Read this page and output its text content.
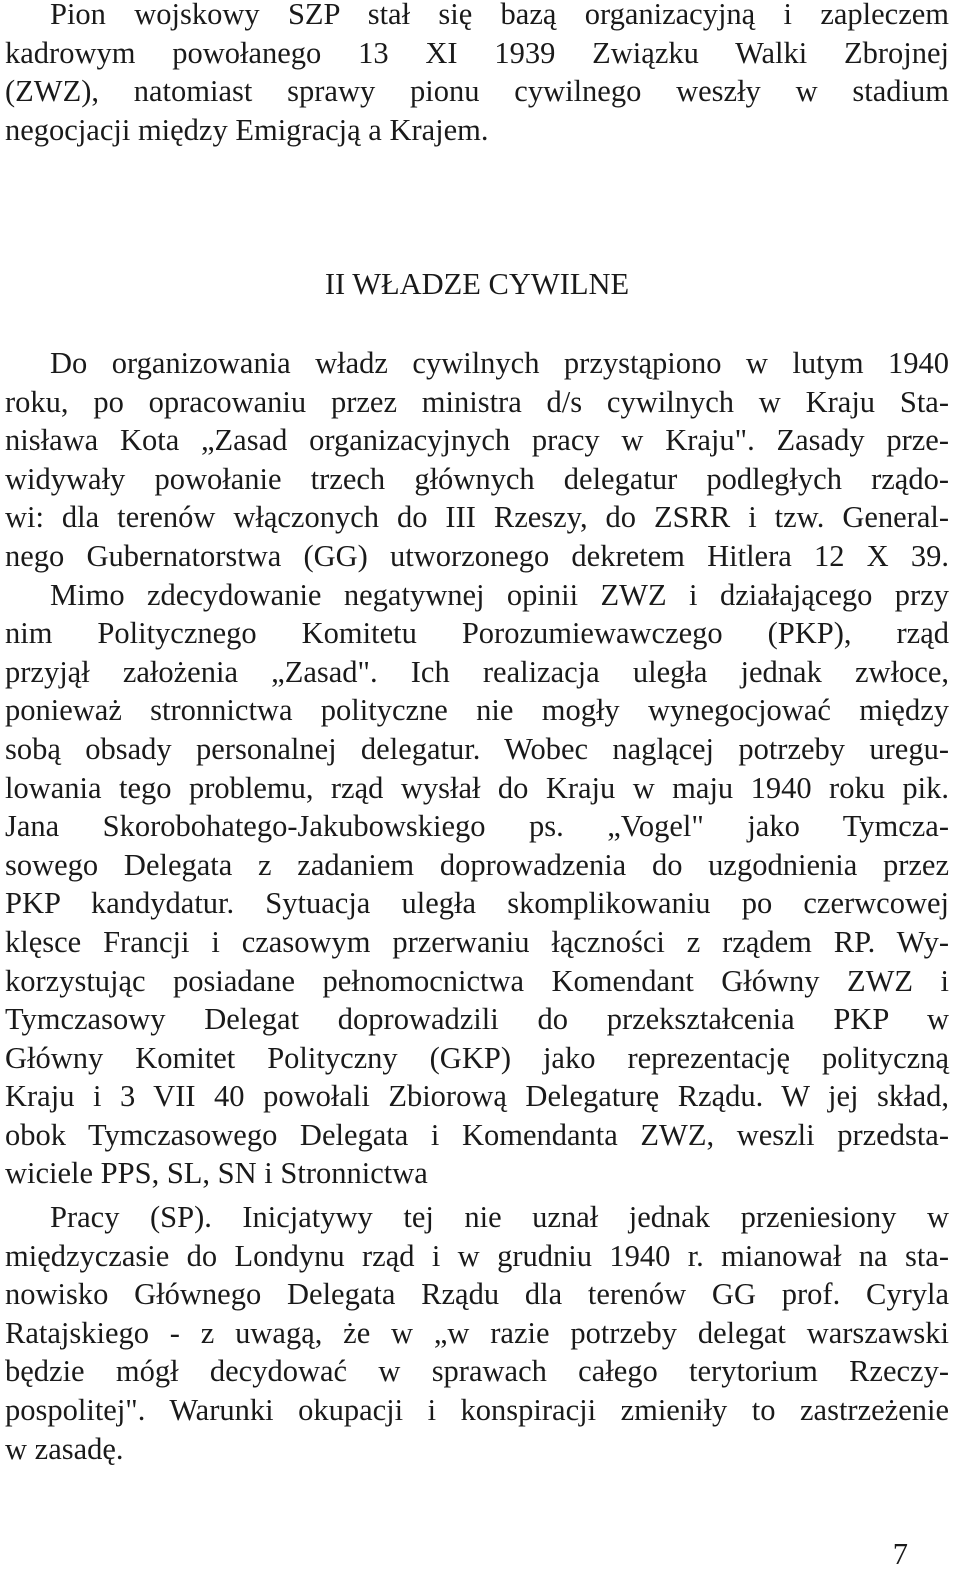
Pion wojskowy SZP stał się bazą organizacyjną i zapleczem
kadrowym powołanego 13 XI 1939 Związku Walki Zbrojnej
(ZWZ), natomiast sprawy pionu cywilnego weszły w stadium
negocjacji między Emigracją a Krajem.
II WŁADZE CYWILNE
Do organizowania władz cywilnych przystąpiono w lutym 1940
roku, po opracowaniu przez ministra d/s cywilnych w Kraju Sta-
nisława Kota „Zasad organizacyjnych pracy w Kraju". Zasady prze-
widywały powołanie trzech głównych delegatur podległych rządo-
wi: dla terenów włączonych do III Rzeszy, do ZSRR i tzw. General-
nego Gubernatorstwa (GG) utworzonego dekretem Hitlera 12 X 39.
Mimo zdecydowanie negatywnej opinii ZWZ i działającego przy
nim Politycznego Komitetu Porozumiewawczego (PKP), rząd
przyjął założenia „Zasad". Ich realizacja uległa jednak zwłoce,
ponieważ stronnictwa polityczne nie mogły wynegocjować między
sobą obsady personalnej delegatur. Wobec naglącej potrzeby uregu-
lowania tego problemu, rząd wysłał do Kraju w maju 1940 roku pik.
Jana Skorobohatego-Jakubowskiego ps. „Vogel" jako Tymcza-
sowego Delegata z zadaniem doprowadzenia do uzgodnienia przez
PKP kandydatur. Sytuacja uległa skomplikowaniu po czerwcowej
klęsce Francji i czasowym przerwaniu łączności z rządem RP. Wy-
korzystując posiadane pełnomocnictwa Komendant Główny ZWZ i
Tymczasowy Delegat doprowadzili do przekształcenia PKP w
Główny Komitet Polityczny (GKP) jako reprezentację polityczną
Kraju i 3 VII 40 powołali Zbiorową Delegaturę Rządu. W jej skład,
obok Tymczasowego Delegata i Komendanta ZWZ, weszli przedsta-
wiciele PPS, SL, SN i Stronnictwa
Pracy (SP). Inicjatywy tej nie uznał jednak przeniesiony w
międzyczasie do Londynu rząd i w grudniu 1940 r. mianował na sta-
nowisko Głównego Delegata Rządu dla terenów GG prof. Cyryla
Ratajskiego - z uwagą, że w „w razie potrzeby delegat warszawski
będzie mógł decydować w sprawach całego terytorium Rzeczy-
pospolitej". Warunki okupacji i konspiracji zmieniły to zastrzeżenie
w zasadę.
7
